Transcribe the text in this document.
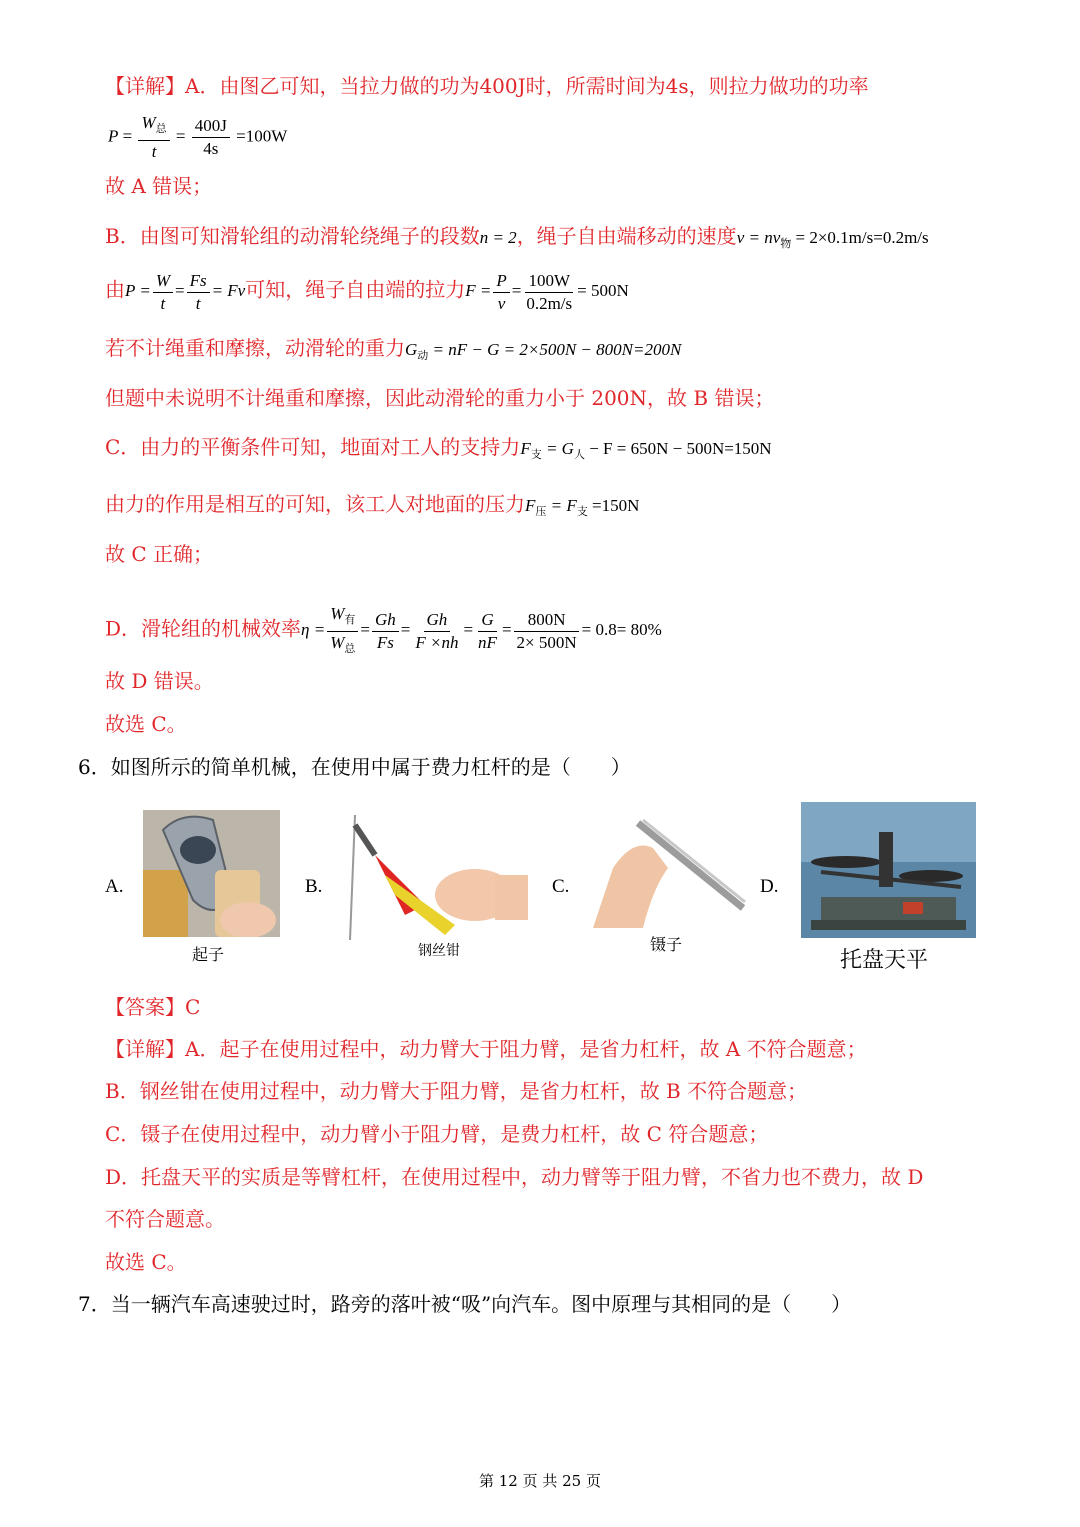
【详解】A．由图乙可知，当拉力做的功为400J时，所需时间为4s，则拉力做功的功率
$P = \frac{W_总}{t} = \frac{400J}{4s} =100W$
故 A 错误；
B．由图可知滑轮组的动滑轮绕绳子的段数n = 2，绳子自由端移动的速度$v = nv_物 = 2\times 0.1m/s=0.2m/s$
由$P = \frac{W}{t} = \frac{Fs}{t} = Fv$可知，绳子自由端的拉力$F = \frac{P}{v} = \frac{100W}{0.2m/s} = 500N$
若不计绳重和摩擦，动滑轮的重力$G_动$ = nF − G = 2×500N − 800N=200N
但题中未说明不计绳重和摩擦，因此动滑轮的重力小于 200N，故 B 错误；
C．由力的平衡条件可知，地面对工人的支持力$F_支 = G_人 - F = 650N - 500N=150N$
由力的作用是相互的可知，该工人对地面的压力$F_压 = F_支 =150N$
故 C 正确；
D．滑轮组的机械效率$\eta = \frac{W_有}{W_总} = \frac{Gh}{Fs} = \frac{Gh}{F \times nh} = \frac{G}{nF} = \frac{800N}{2\times 500N} = 0.8= 80\%$
故 D 错误。
故选 C。
6．如图所示的简单机械，在使用中属于费力杠杆的是（　　）
A.
起子
B.
钢丝钳
C.
镊子
D.
托盘天平
【答案】C
【详解】A．起子在使用过程中，动力臂大于阻力臂，是省力杠杆，故 A 不符合题意；
B．钢丝钳在使用过程中，动力臂大于阻力臂，是省力杠杆，故 B 不符合题意；
C．镊子在使用过程中，动力臂小于阻力臂，是费力杠杆，故 C 符合题意；
D．托盘天平的实质是等臂杠杆，在使用过程中，动力臂等于阻力臂，不省力也不费力，故 D
不符合题意。
故选 C。
7．当一辆汽车高速驶过时，路旁的落叶被“吸”向汽车。图中原理与其相同的是（　　）
第 12 页 共 25 页
